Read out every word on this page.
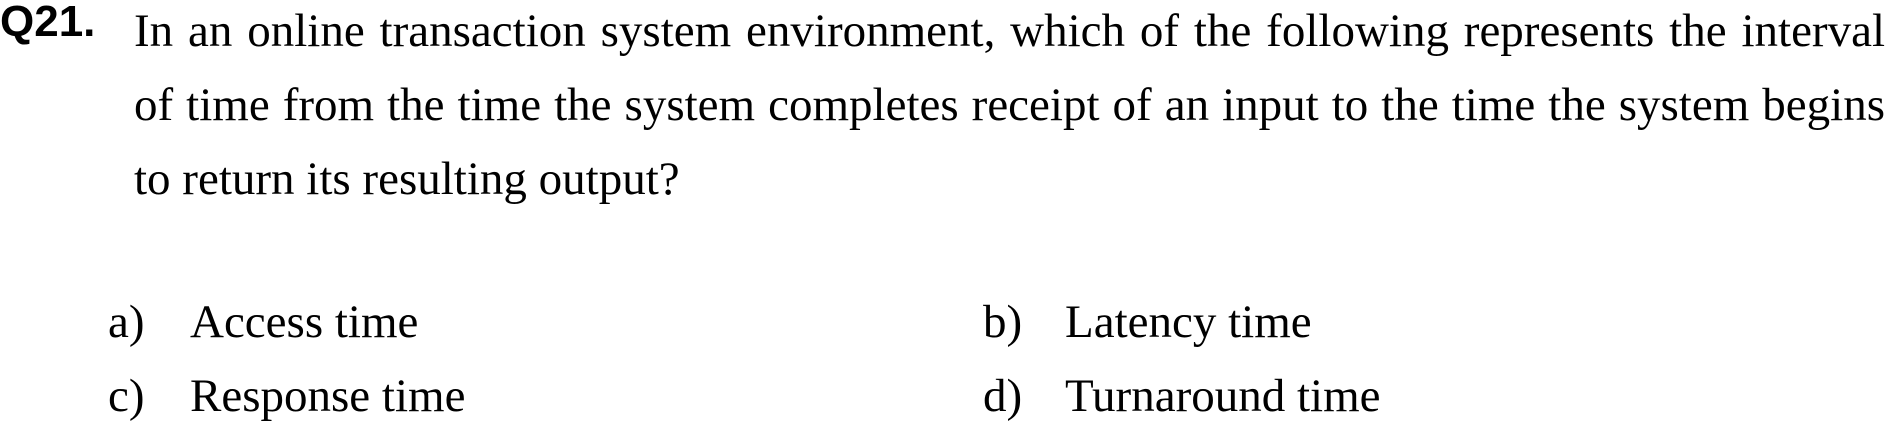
Q21. In an online transaction system environment, which of the following represents the interval of time from the time the system completes receipt of an input to the time the system begins to return its resulting output?
a) Access time	b) Latency time
c) Response time	d) Turnaround time
